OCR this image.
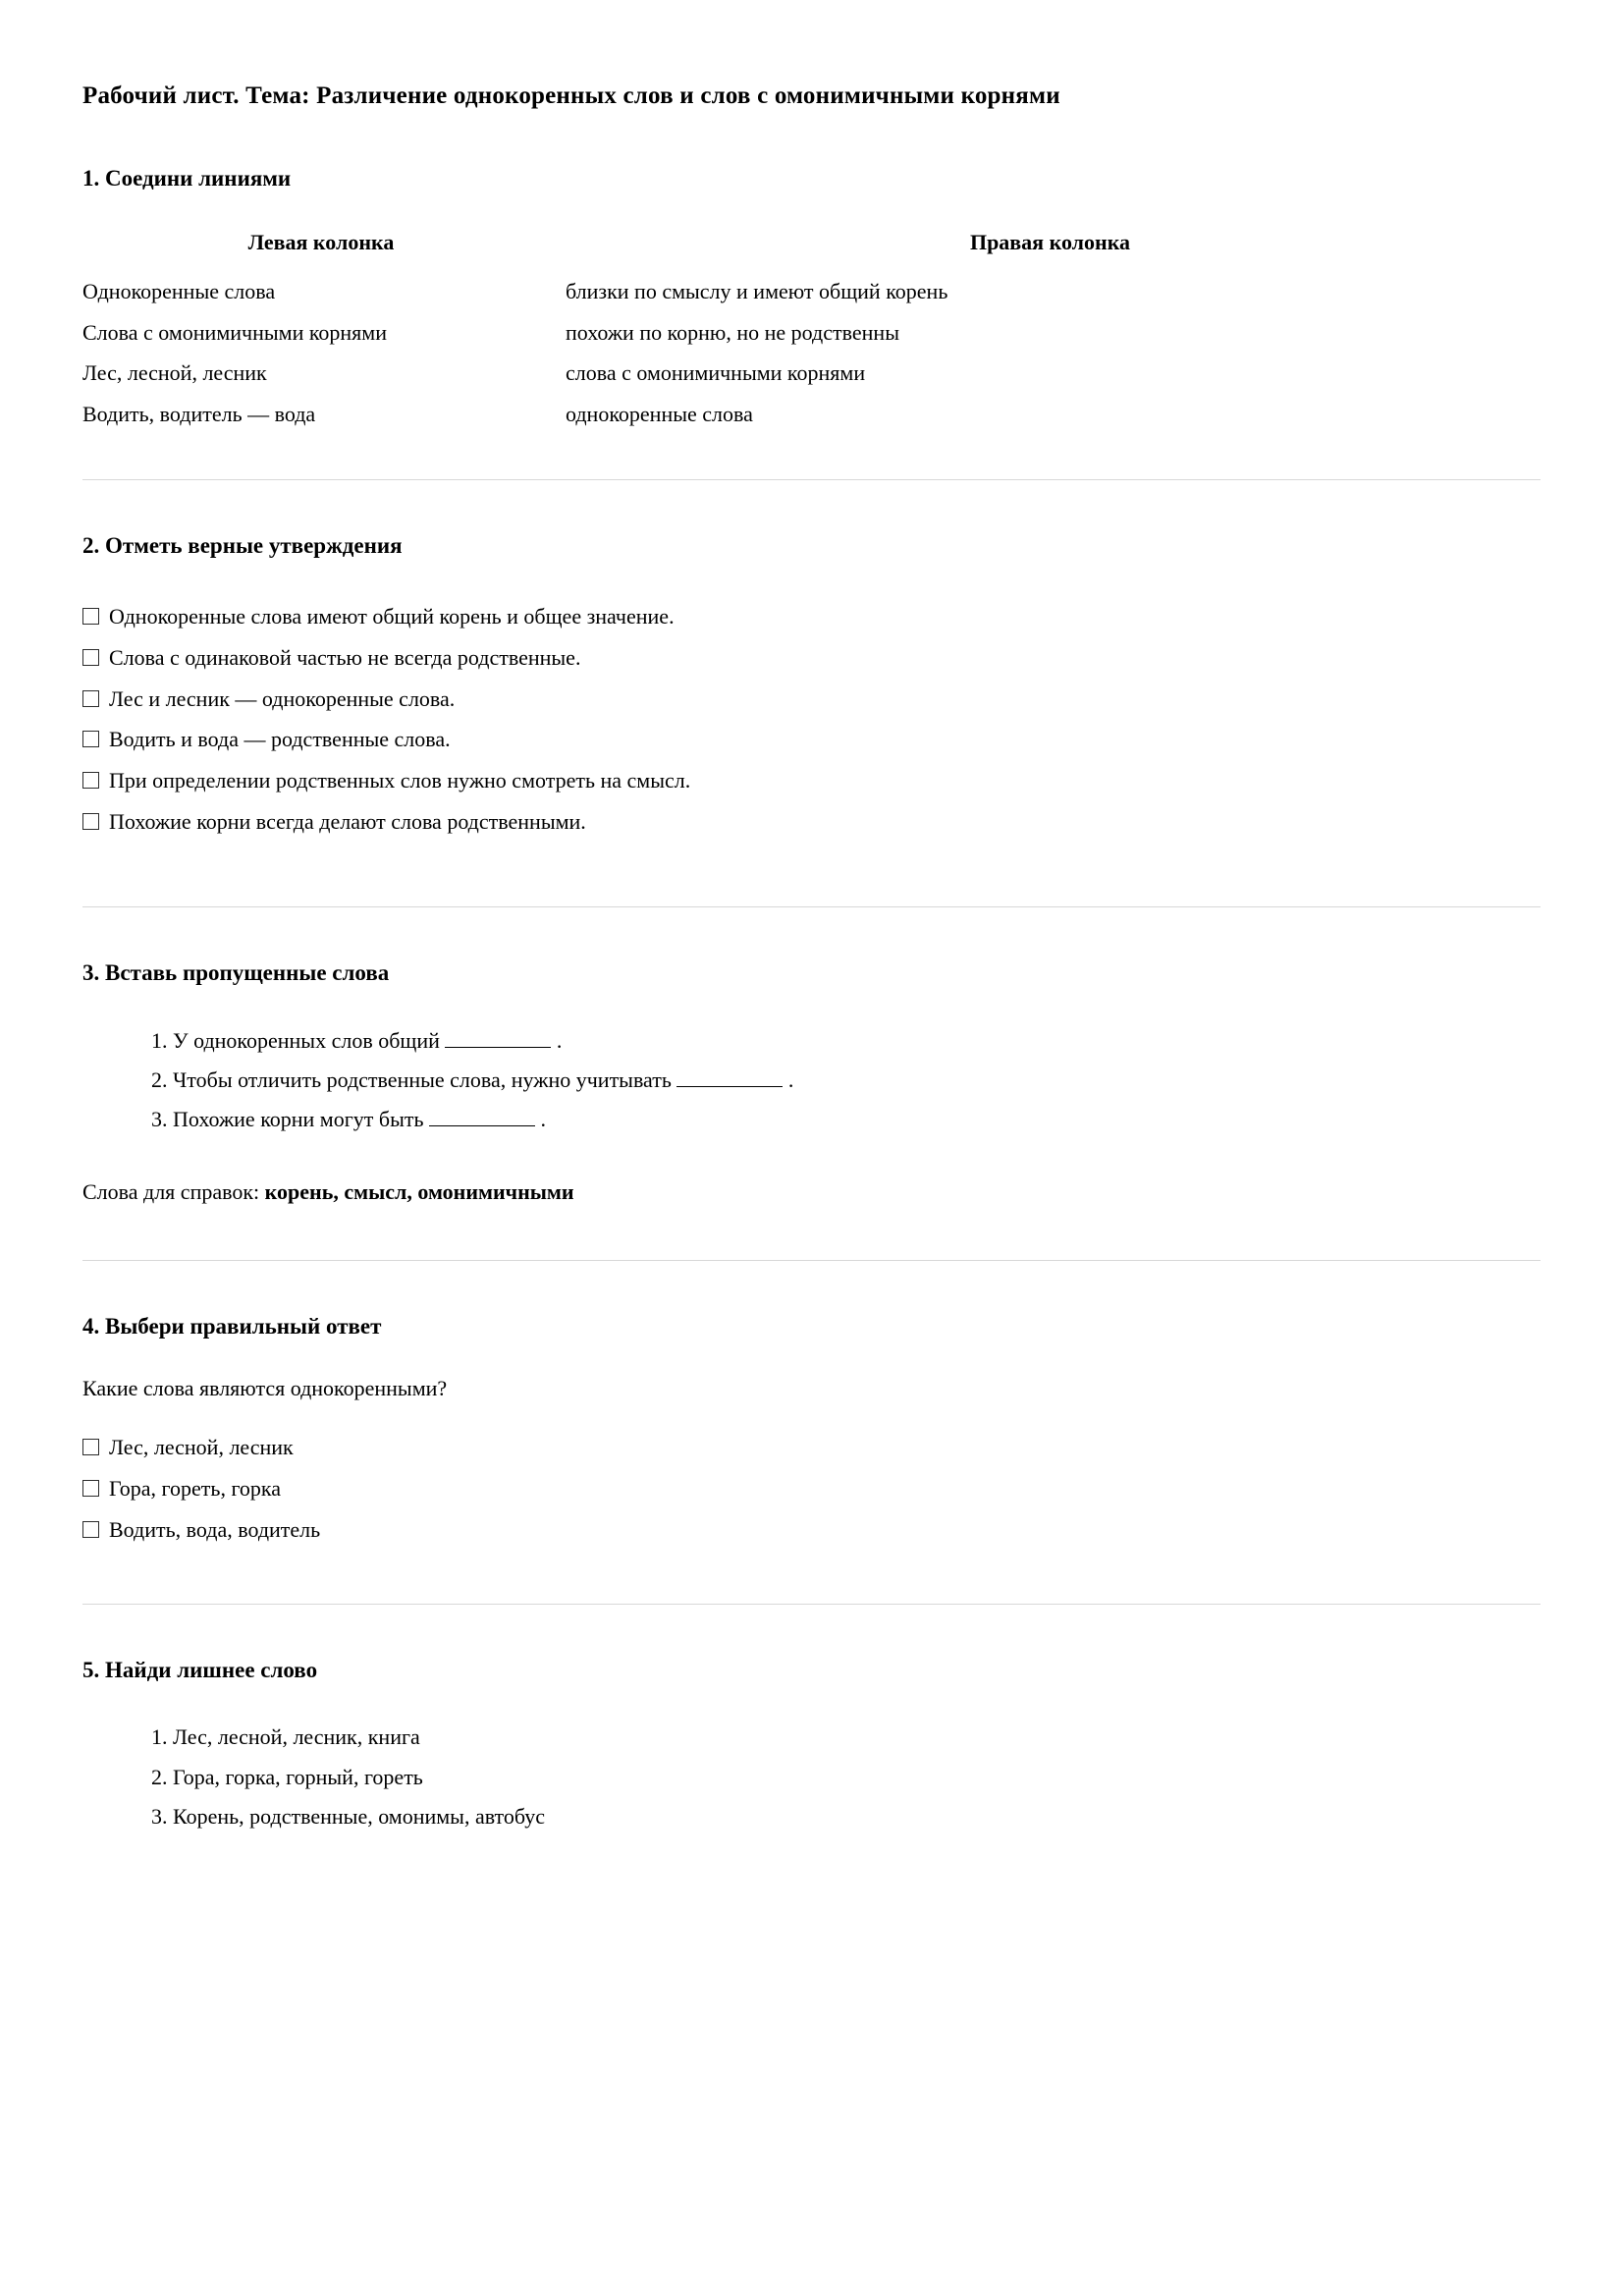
Рабочий лист. Тема: Различение однокоренных слов и слов с омонимичными корнями
1. Соедини линиями
Левая колонка	Правая колонка
Однокоренные слова	близки по смыслу и имеют общий корень
Слова с омонимичными корнями	похожи по корню, но не родственны
Лес, лесной, лесник	слова с омонимичными корнями
Водить, водитель — вода	однокоренные слова
2. Отметь верные утверждения
Однокоренные слова имеют общий корень и общее значение.
Слова с одинаковой частью не всегда родственные.
Лес и лесник — однокоренные слова.
Водить и вода — родственные слова.
При определении родственных слов нужно смотреть на смысл.
Похожие корни всегда делают слова родственными.
3. Вставь пропущенные слова
1. У однокоренных слов общий	.
2. Чтобы отличить родственные слова, нужно учитывать	.
3. Похожие корни могут быть	.

Слова для справок: корень, смысл, омонимичными

4. Выбери правильный ответ

Какие слова являются однокоренными?

Лес, лесной, лесник
Гора, гореть, горка
Водить, вода, водитель
5. Найди лишнее слово
1. Лес, лесной, лесник, книга
2. Гора, горка, горный, гореть
3. Корень, родственные, омонимы, автобус
